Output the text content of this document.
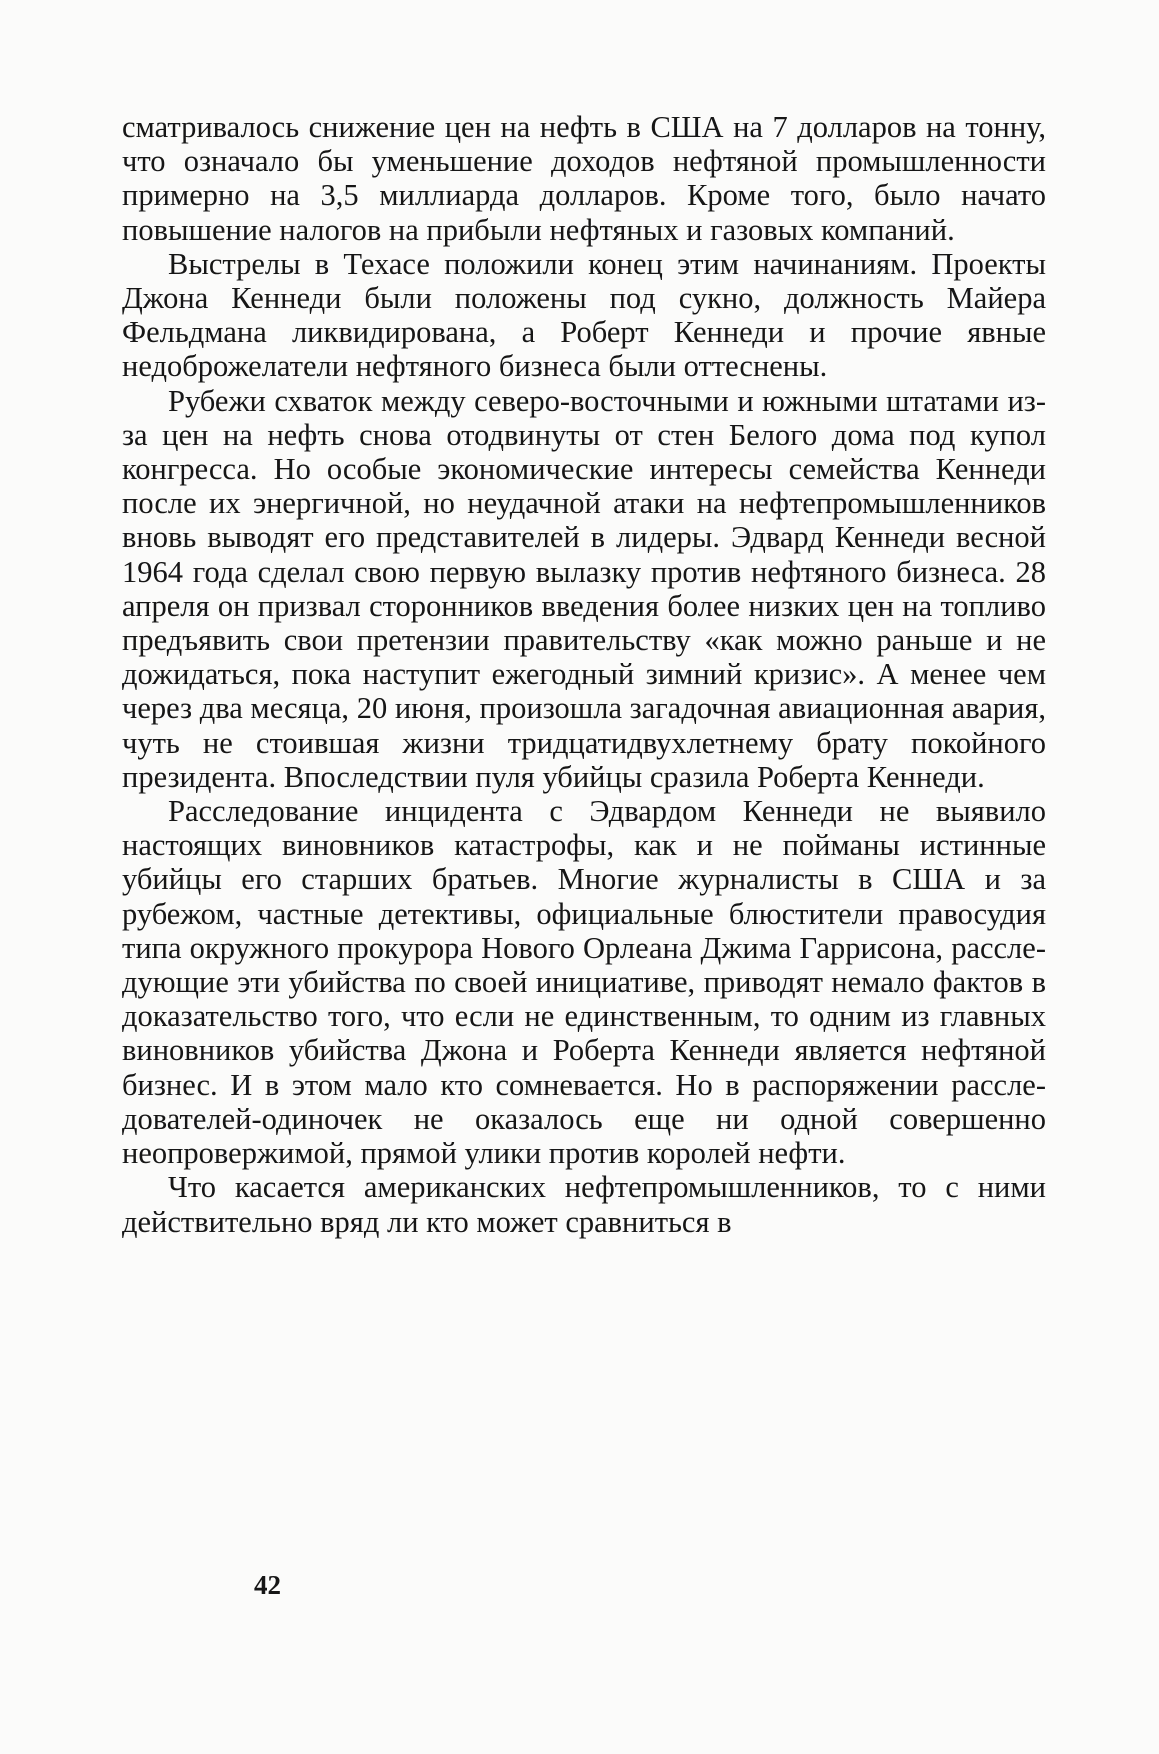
сматривалось снижение цен на нефть в США на 7 долларов на тонну, что означало бы уменьшение доходов нефтяной промышленности примерно на 3,5 миллиарда долларов. Кроме того, было начато повышение налогов на прибыли нефтяных и газовых компаний.

Выстрелы в Техасе положили конец этим начинаниям. Проекты Джона Кеннеди были положены под сукно, должность Майера Фельдмана ликвидирована, а Роберт Кеннеди и прочие явные недоброжелатели нефтяного бизнеса были оттеснены.

Рубежи схваток между северо-восточными и южными штатами из-за цен на нефть снова отодвинуты от стен Белого дома под купол конгресса. Но особые экономические интересы семейства Кеннеди после их энергичной, но неудачной атаки на нефтепромышленников вновь выводят его представителей в лидеры. Эдвард Кеннеди весной 1964 года сделал свою первую вылазку против нефтяного бизнеса. 28 апреля он призвал сторонников введения более низких цен на топливо предъявить свои претензии правительству «как можно раньше и не дожидаться, пока наступит ежегодный зимний кризис». А менее чем через два месяца, 20 июня, произошла загадочная авиационная авария, чуть не стоившая жизни тридцатидвухлетнему брату покойного президента. Впоследствии пуля убийцы сразила Роберта Кеннеди.

Расследование инцидента с Эдвардом Кеннеди не выявило настоящих виновников катастрофы, как и не пойманы истинные убийцы его старших братьев. Многие журналисты в США и за рубежом, частные детективы, официальные блюстители правосудия типа окружного прокурора Нового Орлеана Джима Гаррисона, расследующие эти убийства по своей инициативе, приводят немало фактов в доказательство того, что если не единственным, то одним из главных виновников убийства Джона и Роберта Кеннеди является нефтяной бизнес. И в этом мало кто сомневается. Но в распоряжении расследователей-одиночек не оказалось еще ни одной совершенно неопровержимой, прямой улики против королей нефти.

Что касается американских нефтепромышленников, то с ними действительно вряд ли кто может сравниться в

42
